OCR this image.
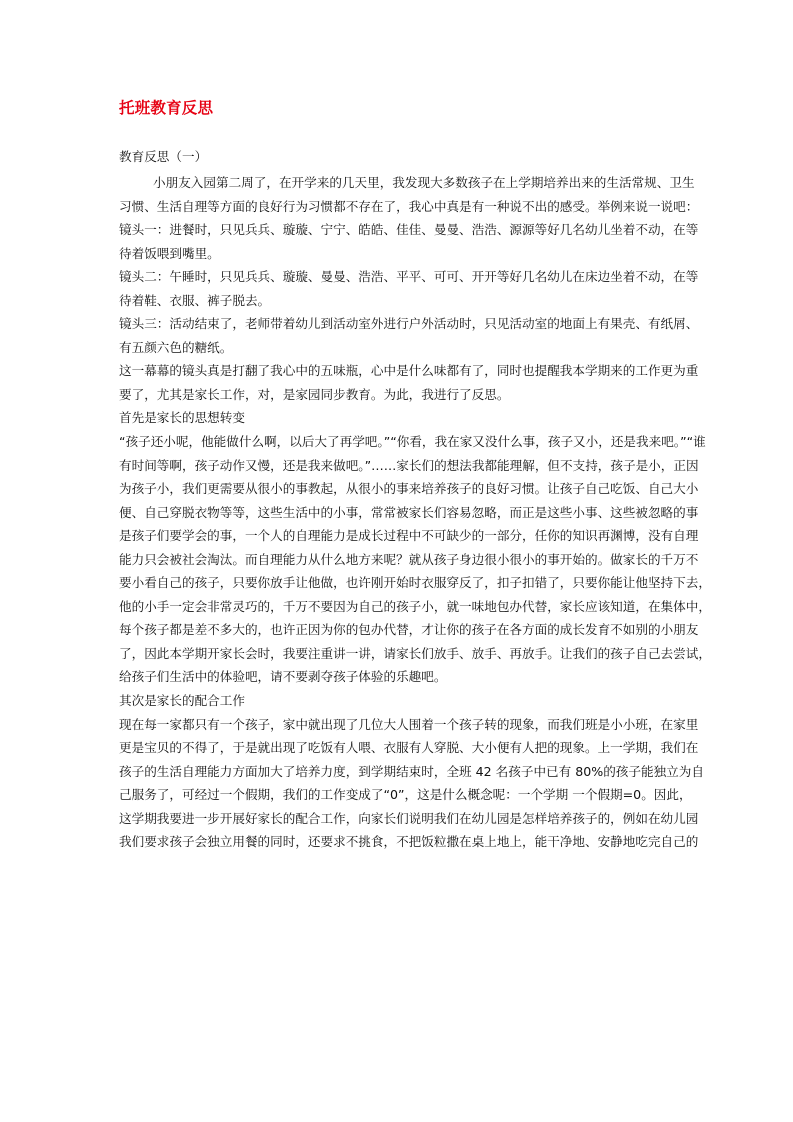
托班教育反思
教育反思（一）
小朋友入园第二周了，在开学来的几天里，我发现大多数孩子在上学期培养出来的生活常规、卫生
习惯、生活自理等方面的良好行为习惯都不存在了，我心中真是有一种说不出的感受。举例来说一说吧：
镜头一：进餐时，只见兵兵、璇璇、宁宁、皓皓、佳佳、曼曼、浩浩、源源等好几名幼儿坐着不动，在等
待着饭喂到嘴里。
镜头二：午睡时，只见兵兵、璇璇、曼曼、浩浩、平平、可可、开开等好几名幼儿在床边坐着不动，在等
待着鞋、衣服、裤子脱去。
镜头三：活动结束了，老师带着幼儿到活动室外进行户外活动时，只见活动室的地面上有果壳、有纸屑、
有五颜六色的糖纸。
这一幕幕的镜头真是打翻了我心中的五味瓶，心中是什么味都有了，同时也提醒我本学期来的工作更为重
要了，尤其是家长工作，对，是家园同步教育。为此，我进行了反思。
首先是家长的思想转变
“孩子还小呢，他能做什么啊，以后大了再学吧。”“你看，我在家又没什么事，孩子又小，还是我来吧。”“谁
有时间等啊，孩子动作又慢，还是我来做吧。”……家长们的想法我都能理解，但不支持，孩子是小，正因
为孩子小，我们更需要从很小的事教起，从很小的事来培养孩子的良好习惯。让孩子自己吃饭、自己大小
便、自己穿脱衣物等等，这些生活中的小事，常常被家长们容易忽略，而正是这些小事、这些被忽略的事
是孩子们要学会的事，一个人的自理能力是成长过程中不可缺少的一部分，任你的知识再渊博，没有自理
能力只会被社会淘汰。而自理能力从什么地方来呢？就从孩子身边很小很小的事开始的。做家长的千万不
要小看自己的孩子，只要你放手让他做，也许刚开始时衣服穿反了，扣子扣错了，只要你能让他坚持下去，
他的小手一定会非常灵巧的，千万不要因为自己的孩子小，就一味地包办代替，家长应该知道，在集体中，
每个孩子都是差不多大的，也许正因为你的包办代替，才让你的孩子在各方面的成长发育不如别的小朋友
了，因此本学期开家长会时，我要注重讲一讲，请家长们放手、放手、再放手。让我们的孩子自己去尝试，
给孩子们生活中的体验吧，请不要剥夺孩子体验的乐趣吧。
其次是家长的配合工作
现在每一家都只有一个孩子，家中就出现了几位大人围着一个孩子转的现象，而我们班是小小班，在家里
更是宝贝的不得了，于是就出现了吃饭有人喂、衣服有人穿脱、大小便有人把的现象。上一学期，我们在
孩子的生活自理能力方面加大了培养力度，到学期结束时，全班 42 名孩子中已有 80%的孩子能独立为自
己服务了，可经过一个假期，我们的工作变成了“0”，这是什么概念呢：一个学期 一个假期=0。因此，
这学期我要进一步开展好家长的配合工作，向家长们说明我们在幼儿园是怎样培养孩子的，例如在幼儿园
我们要求孩子会独立用餐的同时，还要求不挑食，不把饭粒撒在桌上地上，能干净地、安静地吃完自己的
